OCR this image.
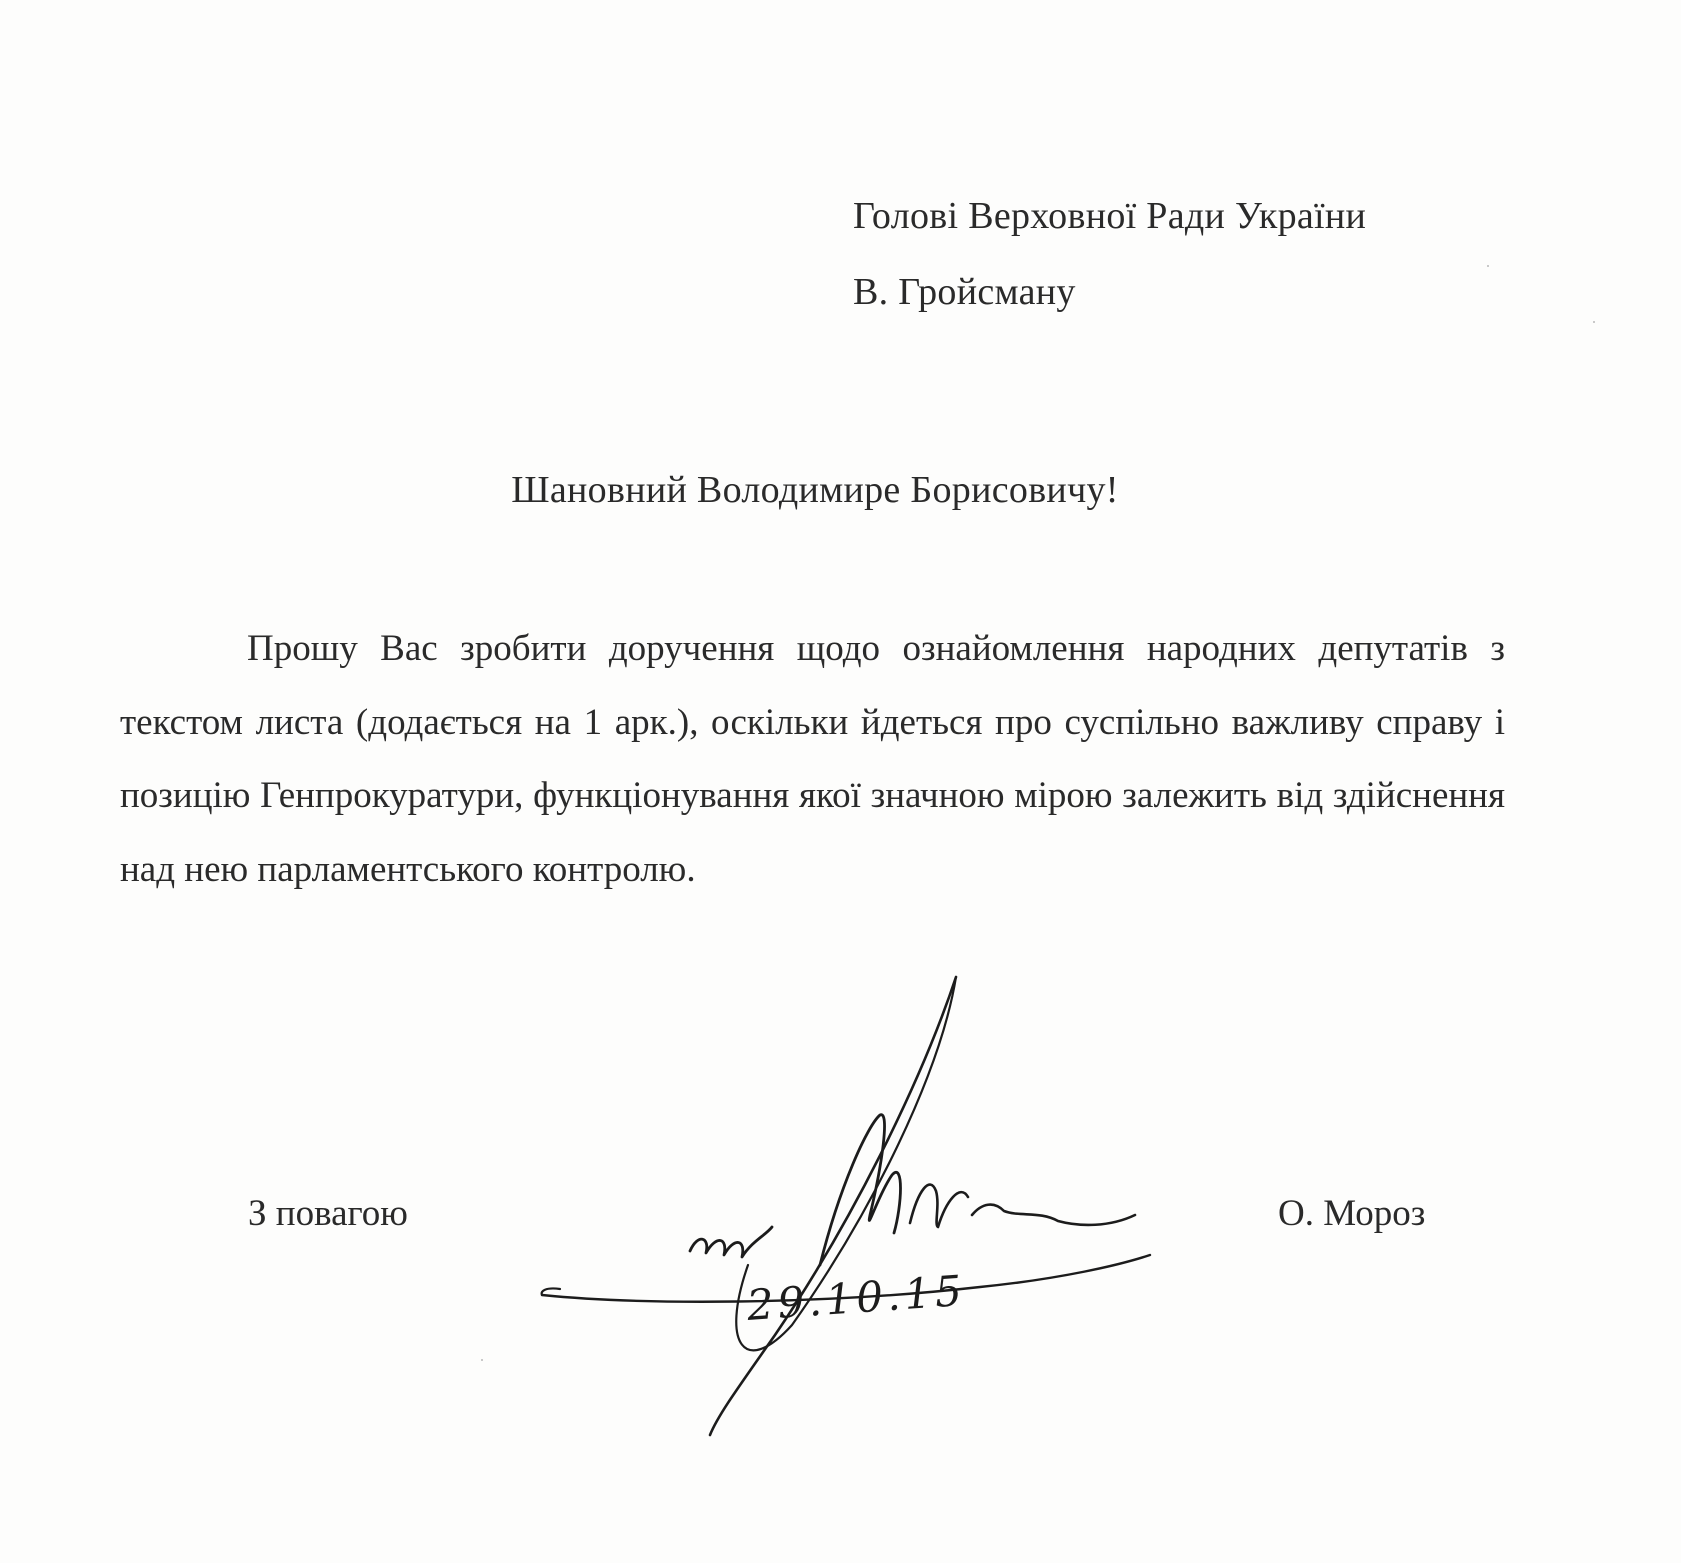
Голові Верховної Ради України
В. Гройсману
Шановний Володимире Борисовичу!

Прошу Вас зробити доручення щодо ознайомлення народних депутатів з текстом листа (додається на 1 арк.), оскільки йдеться про суспільно важливу справу і позицію Генпрокуратури, функціонування якої значною мірою залежить від здійснення над нею парламентського контролю.

З повагою	О. Мороз
29.10.15
